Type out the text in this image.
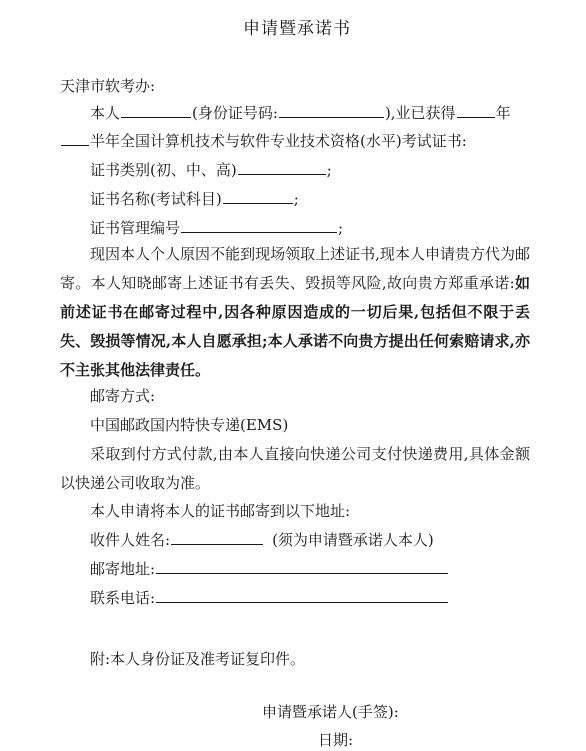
申请暨承诺书
天津市软考办:
本人	(身份证号码:	),业已获得	年
半年全国计算机技术与软件专业技术资格(水平)考试证书:
证书类别(初、中、高)	;
证书名称(考试科目)	;
证书管理编号	;
现因本人个人原因不能到现场领取上述证书,现本人申请贵方代为邮寄。本人知晓邮寄上述证书有丢失、毁损等风险,故向贵方郑重承诺:如前述证书在邮寄过程中,因各种原因造成的一切后果,包括但不限于丢失、毁损等情况,本人自愿承担;本人承诺不向贵方提出任何索赔请求,亦不主张其他法律责任。
邮寄方式:
中国邮政国内特快专递(EMS)
采取到付方式付款,由本人直接向快递公司支付快递费用,具体金额以快递公司收取为准。
本人申请将本人的证书邮寄到以下地址:
收件人姓名:	(须为申请暨承诺人本人)
邮寄地址:
联系电话:
附:本人身份证及准考证复印件。
申请暨承诺人(手签):
日期:
